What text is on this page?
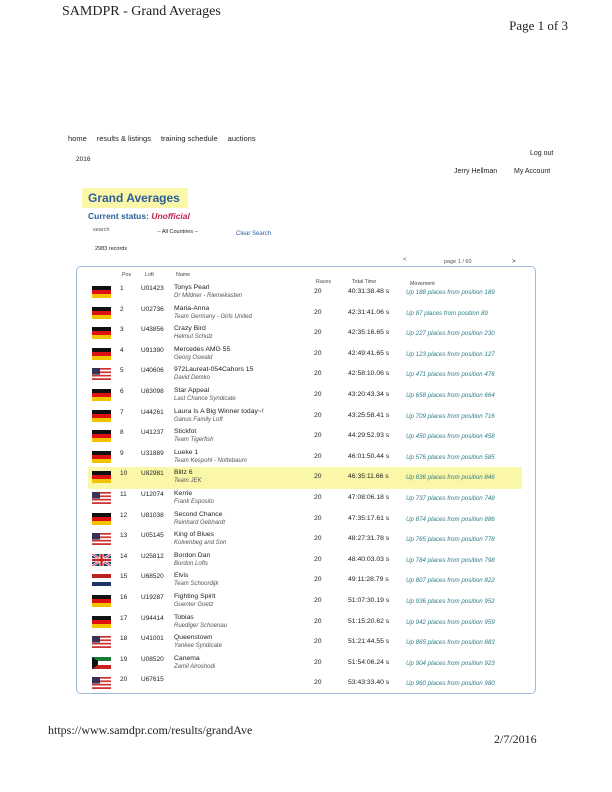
SAMDPR - Grand Averages
Page 1 of 3
home results & listings training schedule auctions
2016
Log out
Jerry Hellman My Account
Grand Averages
Current status: Unofficial
search	-- All Countries --	Clear Search
2983 records
<	page 1 / 60	>
Pos	Loft	Name
Races	Total Time	Movement
1	U01423 Tonys Pearl
Dr Mildner - Riemekasten
20	40:31:38.48 s	Up 188 places from position 189
2	U02736 Maria-Anna
Team Germany - Girls United
20	42:31:41.06 s	Up 87 places from position 89
3	U43856 Crazy Bird
Helmut Schulz
20	42:35:16.65 s	Up 227 places from position 230
4	U91390 Mercedes AMG 55
Georg Oswald
20	42:49:41.65 s	Up 123 places from position 127
5	U40606 972Laureat-054Cahors 15
David Demko
20	42:58:10.06 s	Up 471 places from position 476
6	U83098 Star Appeal
Last Chance Syndicate
20	43:20:43.34 s	Up 658 places from position 664
7	U44261 Laura Is A Big Winner today~!
Ganus Family Loft
20	43:25:58.41 s	Up 709 places from position 716
8	U41237 Stickfot
Team Tigerfish
20	44:29:52.93 s	Up 450 places from position 458
9	U31889 Lueke 1
Team Kespohl - Nottebaum
20	46:01:50.44 s	Up 576 places from position 585
10 U82981 Blitz 6
Team JEK
20	46:35:11.66 s	Up 836 places from position 846
11 U12074 Kerrie
Frank Esposito
20	47:08:06.18 s	Up 737 places from position 748
12 U81038 Second Chance
Reinhard Gebhardt
20	47:35:17.61 s	Up 874 places from position 886
13 U05145 King of Blues
Kolvenbeg and Son
20	48:27:31.78 s	Up 765 places from position 778
14 U25812 Bordon Dan
Bordon Lofts
20	48:40:03.03 s	Up 784 places from position 798
15 U68520 Elvis
Team Schoordijk
20	49:11:28.79 s	Up 807 places from position 822
16 U19287 Fighting Spirit
Guenter Goetz
20	51:07:30.19 s	Up 936 places from position 952
17 U94414 Tobias
Ruediger Schoenau
20	51:15:20.62 s	Up 942 places from position 959
18 U41001 Queenstown
Yankee Syndicate
20	51:21:44.55 s	Up 865 places from position 883
19 U08520 Canema
Zamil Alroshodi
20	51:54:06.24 s	Up 904 places from position 923
20 U67615	20	53:43:33.40 s	Up 960 places from position 980
https://www.samdpr.com/results/grandAve
2/7/2016
